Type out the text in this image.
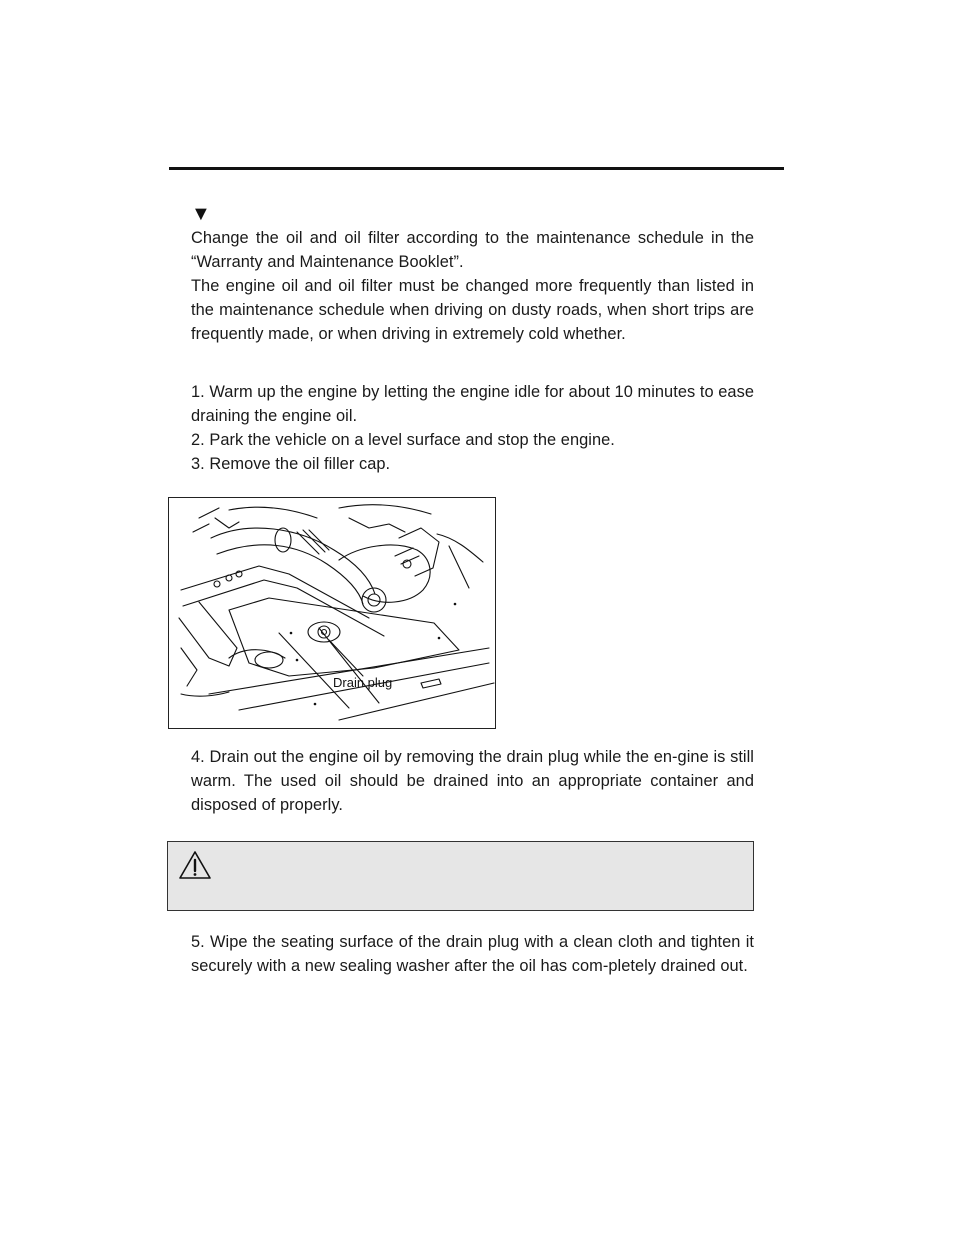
▼

Change the oil and oil filter according to the maintenance schedule in the “Warranty and Maintenance Booklet”.

The engine oil and oil filter must be changed more frequently than listed in the maintenance schedule when driving on dusty roads, when short trips are frequently made, or when driving in extremely cold whether.

1. Warm up the engine by letting the engine idle for about 10 minutes to ease draining the engine oil.

2. Park the vehicle on a level surface and stop the engine.

3. Remove the oil filler cap.

Drain plug

4. Drain out the engine oil by removing the drain plug while the en-gine is still warm. The used oil should be drained into an appropriate container and disposed of properly.

5. Wipe the seating surface of the drain plug with a clean cloth and tighten it securely with a new sealing washer after the oil has com-pletely drained out.
